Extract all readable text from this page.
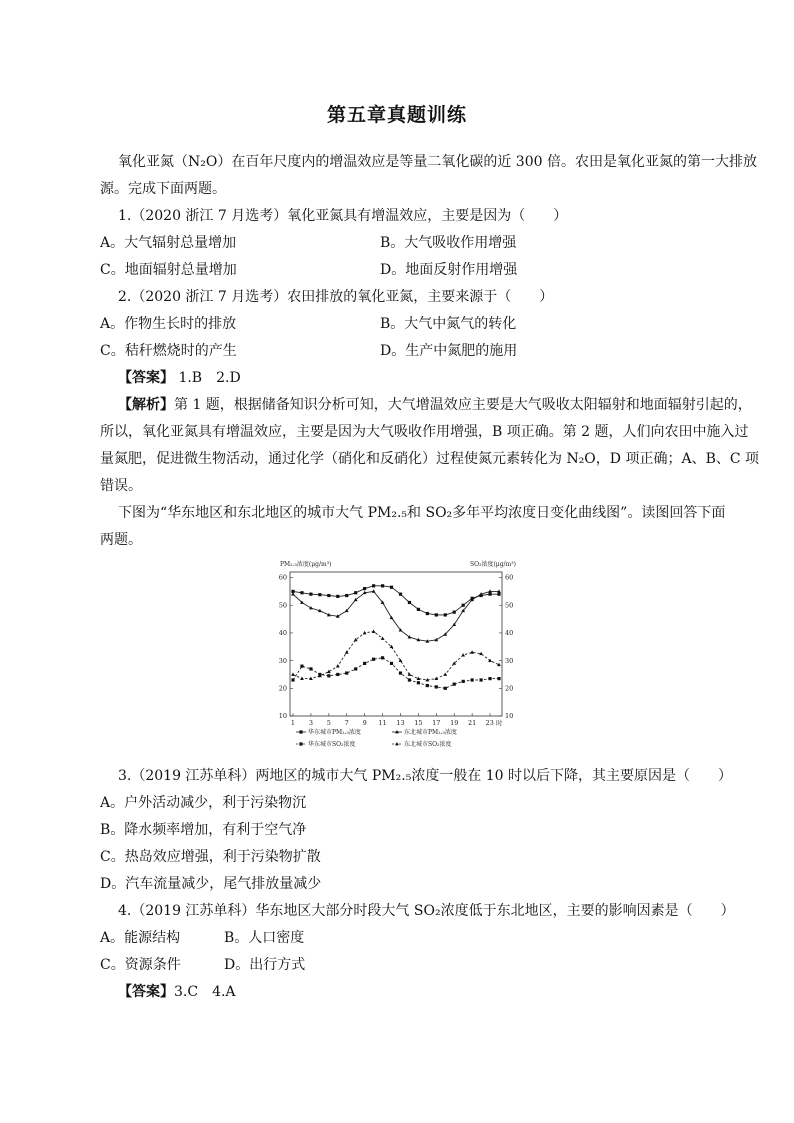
第五章真题训练
氧化亚氮（N₂O）在百年尺度内的增温效应是等量二氧化碳的近 300 倍。农田是氧化亚氮的第一大排放
源。完成下面两题。
1.（2020 浙江 7 月选考）氧化亚氮具有增温效应，主要是因为（　　）
A。大气辐射总量增加	B。大气吸收作用增强
C。地面辐射总量增加	D。地面反射作用增强
2.（2020 浙江 7 月选考）农田排放的氧化亚氮，主要来源于（　　）
A。作物生长时的排放	B。大气中氮气的转化
C。秸秆燃烧时的产生	D。生产中氮肥的施用
【答案】 1.B　2.D
【解析】第 1 题，根据储备知识分析可知，大气增温效应主要是大气吸收太阳辐射和地面辐射引起的，
所以，氧化亚氮具有增温效应，主要是因为大气吸收作用增强，B 项正确。第 2 题，人们向农田中施入过
量氮肥，促进微生物活动，通过化学（硝化和反硝化）过程使氮元素转化为 N₂O，D 项正确；A、B、C 项
错误。
下图为“华东地区和东北地区的城市大气 PM₂.₅和 SO₂多年平均浓度日变化曲线图”。读图回答下面
两题。
PM₂.₅浓度(μg/m³)	SO₂浓度(μg/m³)
10	10
20	20
30	30
40	40
50	50
60	60
1 3 5 7 9 11 13 15 17 19 21 23 时
华东城市PM₂.₅浓度	东北城市PM₂.₅浓度
华东城市SO₂浓度	东北城市SO₂浓度
3.（2019 江苏单科）两地区的城市大气 PM₂.₅浓度一般在 10 时以后下降，其主要原因是（　　）
A。户外活动减少，利于污染物沉
B。降水频率增加，有利于空气净
C。热岛效应增强，利于污染物扩散
D。汽车流量减少，尾气排放量减少
4.（2019 江苏单科）华东地区大部分时段大气 SO₂浓度低于东北地区，主要的影响因素是（　　）
A。能源结构	B。人口密度
C。资源条件	D。出行方式
【答案】3.C　4.A
